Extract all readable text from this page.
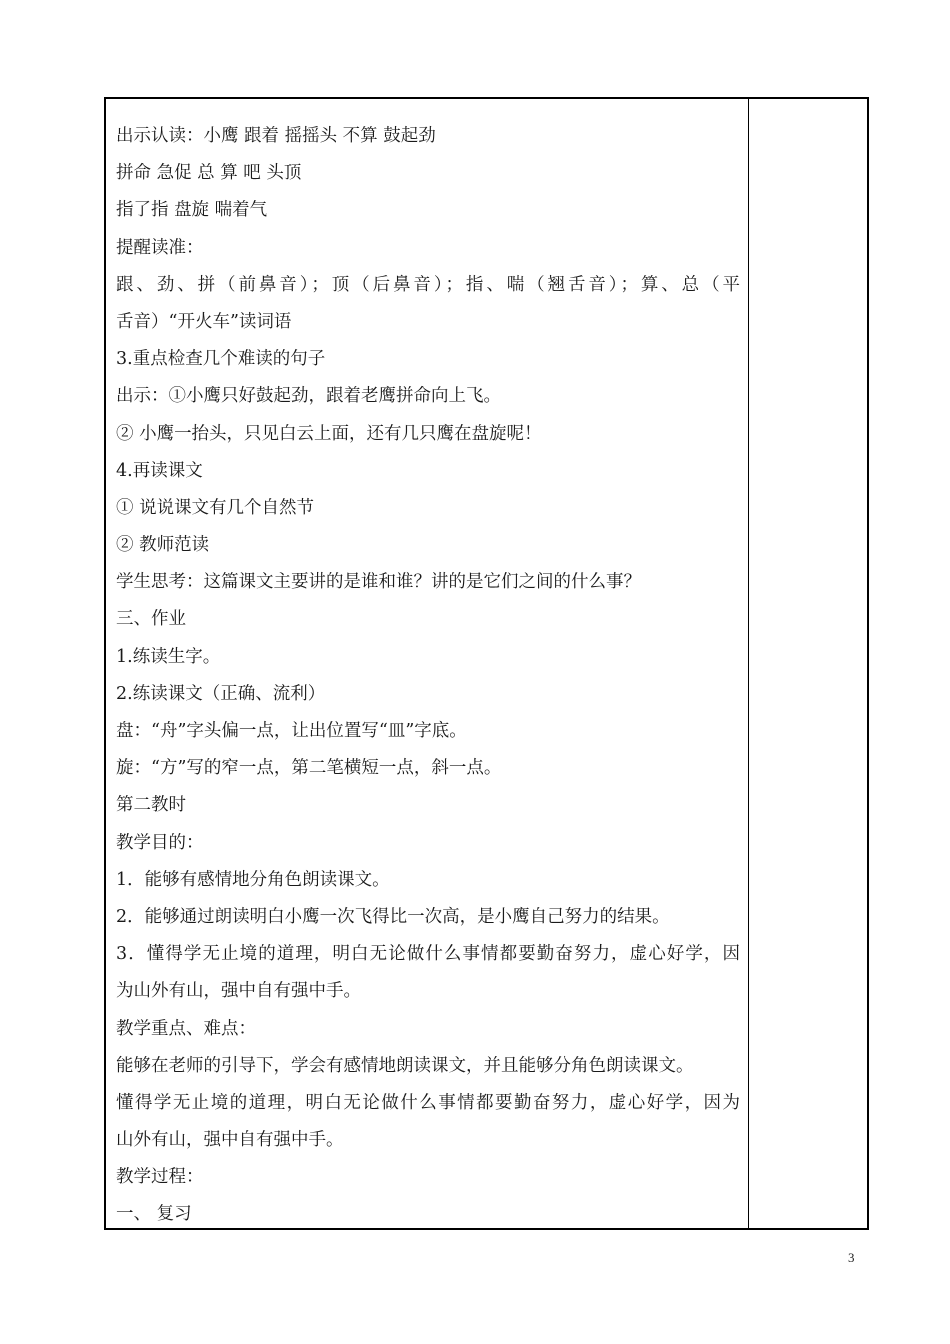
出示认读：小鹰 跟着 摇摇头 不算 鼓起劲
拼命 急促 总 算 吧 头顶
指了指 盘旋 喘着气
提醒读准：
跟、劲、拼（前鼻音）；顶（后鼻音）；指、喘（翘舌音）；算、总（平
舌音）“开火车”读词语
3.重点检查几个难读的句子
出示：①小鹰只好鼓起劲，跟着老鹰拼命向上飞。
② 小鹰一抬头，只见白云上面，还有几只鹰在盘旋呢！
4.再读课文
① 说说课文有几个自然节
② 教师范读
学生思考：这篇课文主要讲的是谁和谁？讲的是它们之间的什么事？
三、作业
1.练读生字。
2.练读课文（正确、流利）
盘：“舟”字头偏一点，让出位置写“皿”字底。
旋：“方”写的窄一点，第二笔横短一点，斜一点。
第二教时
教学目的：
1．能够有感情地分角色朗读课文。
2．能够通过朗读明白小鹰一次飞得比一次高，是小鹰自己努力的结果。
3．懂得学无止境的道理，明白无论做什么事情都要勤奋努力，虚心好学，因
为山外有山，强中自有强中手。
教学重点、难点：
能够在老师的引导下，学会有感情地朗读课文，并且能够分角色朗读课文。
懂得学无止境的道理，明白无论做什么事情都要勤奋努力，虚心好学，因为
山外有山，强中自有强中手。
教学过程：
一、 复习
3
